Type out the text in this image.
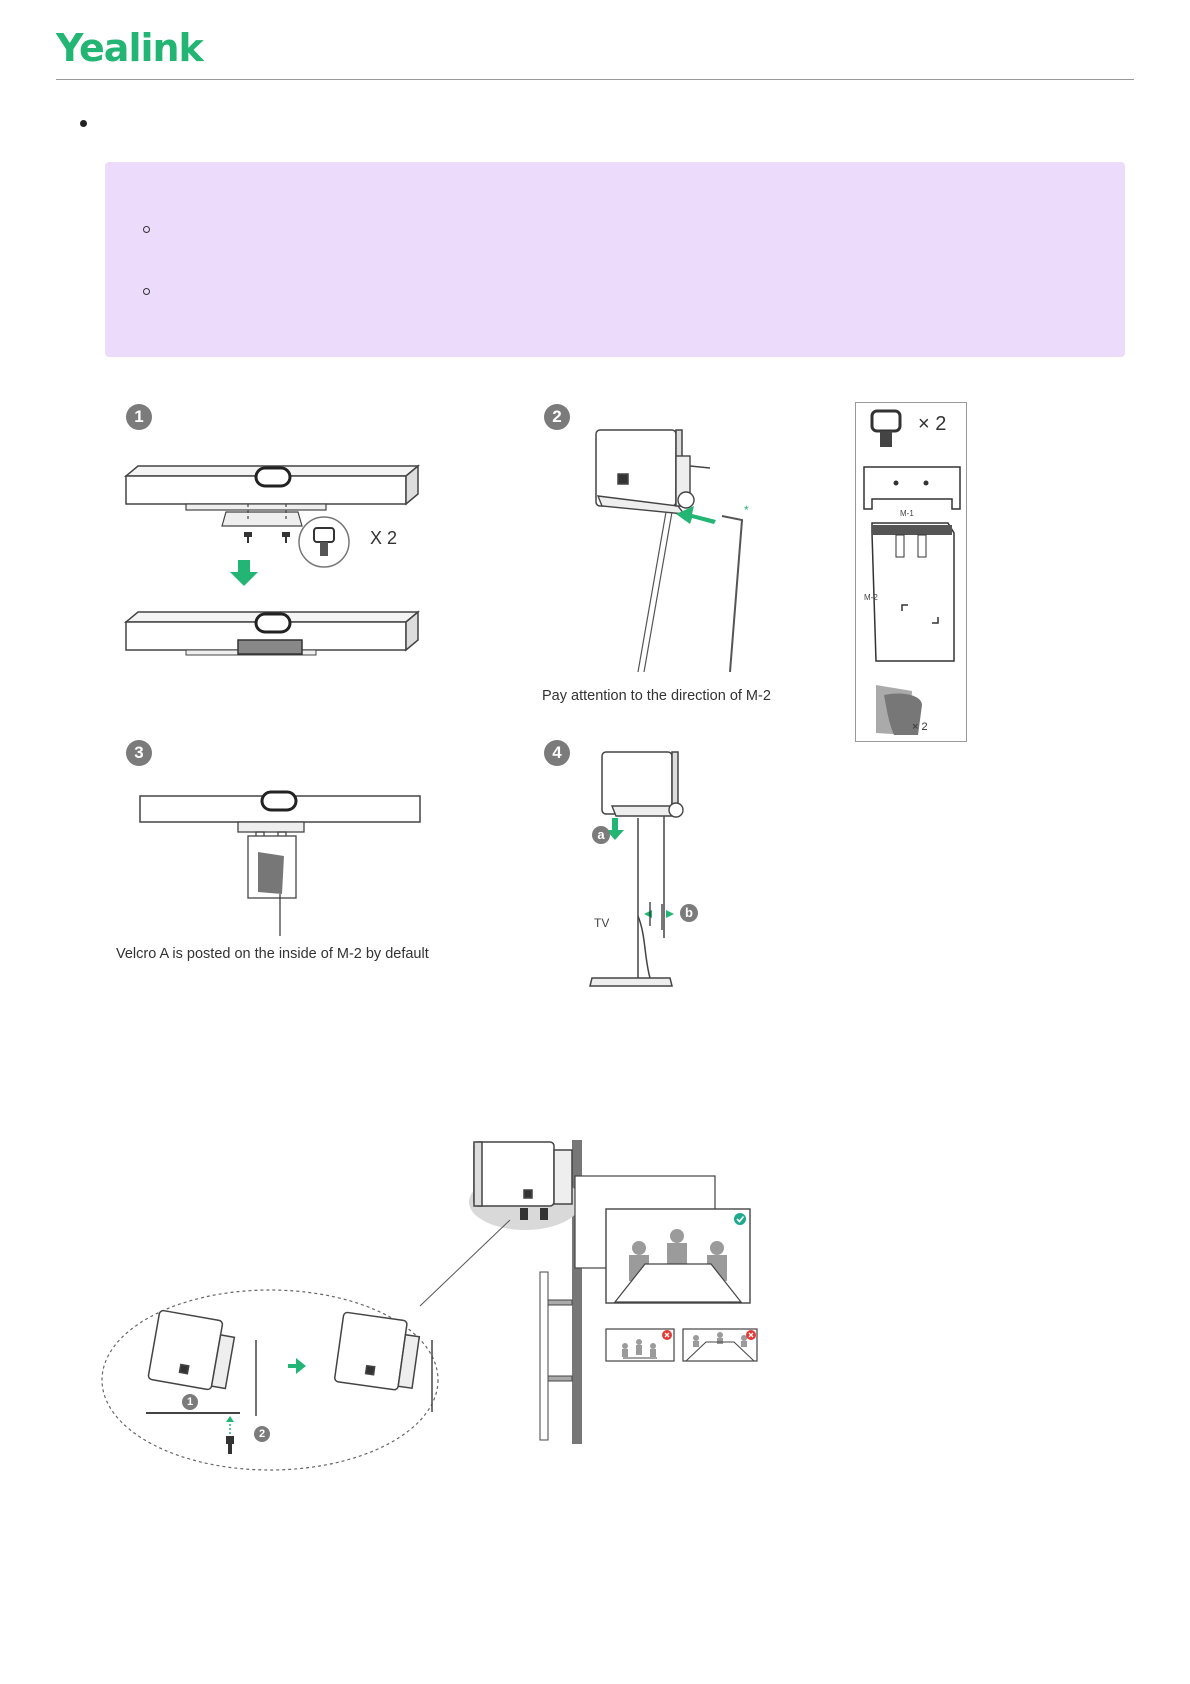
Yealink
1
X 2
2
*
Pay attention to the direction of M-2
× 2
M-1
M-2
× 2
3
Velcro A is posted on the inside of M-2 by default
4
a
b
TV
1
2
